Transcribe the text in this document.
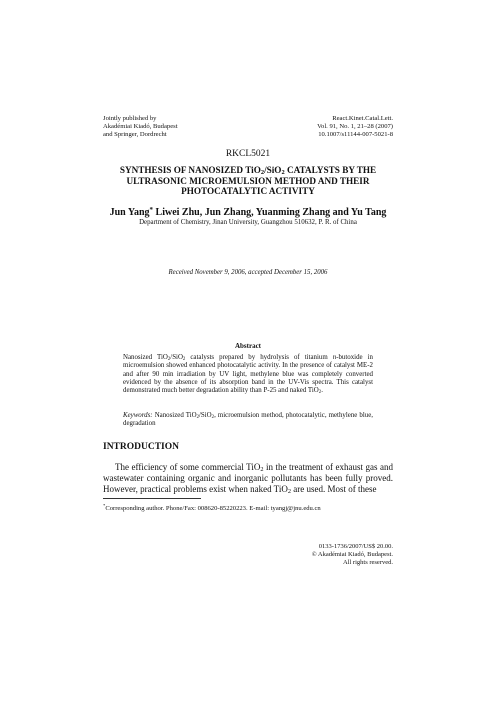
Jointly published by
Akadémiai Kiadó, Budapest
and Springer, Dordrecht
React.Kinet.Catal.Lett.
Vol. 91, No. 1, 21–28 (2007)
10.1007/s11144-007-5021-8
RKCL5021
SYNTHESIS OF NANOSIZED TiO$_2$/SiO$_2$ CATALYSTS BY THE ULTRASONIC MICROEMULSION METHOD AND THEIR PHOTOCATALYTIC ACTIVITY
Jun Yang* Liwei Zhu, Jun Zhang, Yuanming Zhang and Yu Tang
Department of Chemistry, Jinan University, Guangzhou 510632, P. R. of China
Received November 9, 2006, accepted December 15, 2006
Abstract
Nanosized TiO$_2$/SiO$_2$ catalysts prepared by hydrolysis of titanium n-butoxide in microemulsion showed enhanced photocatalytic activity. In the presence of catalyst ME-2 and after 90 min irradiation by UV light, methylene blue was completely converted evidenced by the absence of its absorption band in the UV-Vis spectra. This catalyst demonstrated much better degradation ability than P-25 and naked TiO$_2$.
Keywords: Nanosized TiO$_2$/SiO$_2$, microemulsion method, photocatalytic, methylene blue, degradation
INTRODUCTION
The efficiency of some commercial TiO$_2$ in the treatment of exhaust gas and wastewater containing organic and inorganic pollutants has been fully proved. However, practical problems exist when naked TiO$_2$ are used. Most of these
*Corresponding author. Phone/Fax: 008620-85220223. E-mail: tyangj@jnu.edu.cn
0133-1736/2007/US$ 20.00.
© Akadémiai Kiadó, Budapest.
All rights reserved.
